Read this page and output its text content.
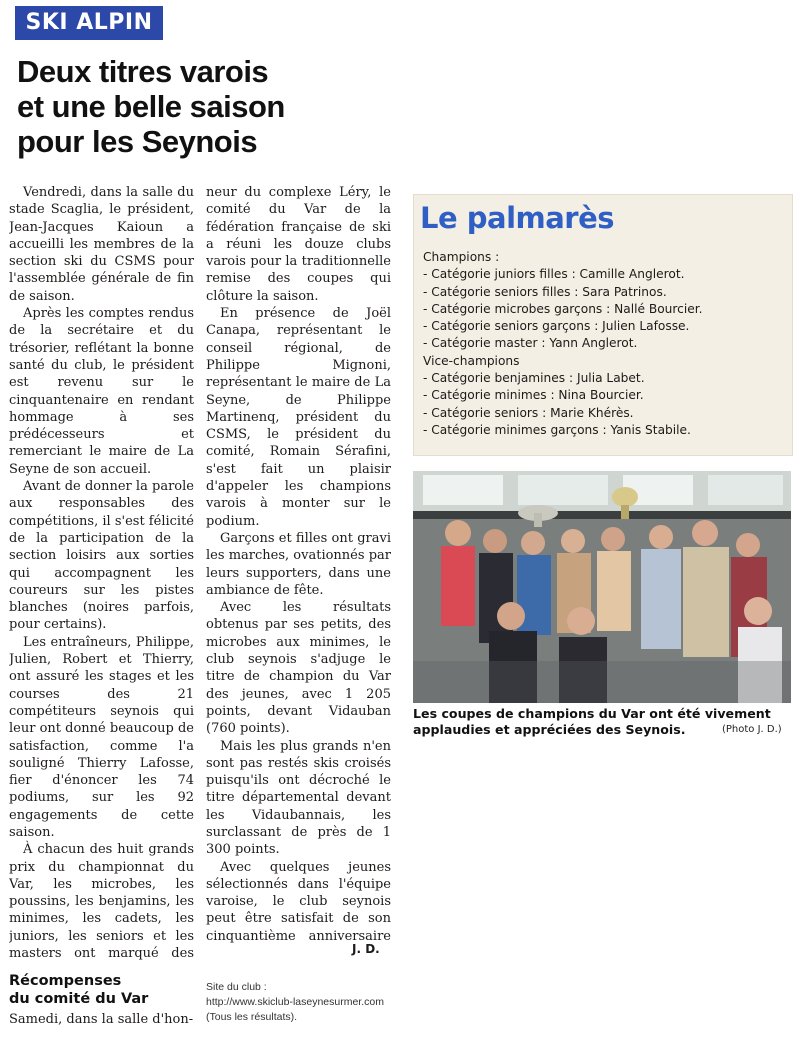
SKI ALPIN
Deux titres varois
et une belle saison
pour les Seynois

Vendredi, dans la salle du stade Scaglia, le président, Jean-Jacques Kaioun a accueilli les membres de la section ski du CSMS pour l'assemblée générale de fin de saison.

Après les comptes rendus de la secrétaire et du trésorier, reflétant la bonne santé du club, le président est revenu sur le cinquantenaire en rendant hommage à ses prédécesseurs et remerciant le maire de La Seyne de son accueil.

Avant de donner la parole aux responsables des compétitions, il s'est félicité de la participation de la section loisirs aux sorties qui accompagnent les coureurs sur les pistes blanches (noires parfois, pour certains).

Les entraîneurs, Philippe, Julien, Robert et Thierry, ont assuré les stages et les courses des 21 compétiteurs seynois qui leur ont donné beaucoup de satisfaction, comme l'a souligné Thierry Lafosse, fier d'énoncer les 74 podiums, sur les 92 engagements de cette saison.

À chacun des huit grands prix du championnat du Var, les microbes, les poussins, les benjamins, les minimes, les cadets, les juniors, les seniors et les masters ont marqué des

Récompenses
du comité du Var
Samedi, dans la salle d'hon-

neur du complexe Léry, le comité du Var de la fédération française de ski a réuni les douze clubs varois pour la traditionnelle remise des coupes qui clôture la saison.

En présence de Joël Canapa, représentant le conseil régional, de Philippe Mignoni, représentant le maire de La Seyne, de Philippe Martinenq, président du CSMS, le président du comité, Romain Sérafini, s'est fait un plaisir d'appeler les champions varois à monter sur le podium.

Garçons et filles ont gravi les marches, ovationnés par leurs supporters, dans une ambiance de fête.

Avec les résultats obtenus par ses petits, des microbes aux minimes, le club seynois s'adjuge le titre de champion du Var des jeunes, avec 1 205 points, devant Vidauban (760 points).

Mais les plus grands n'en sont pas restés skis croisés puisqu'ils ont décroché le titre départemental devant les Vidaubannais, les surclassant de près de 1 300 points.

Avec quelques jeunes sélectionnés dans l'équipe varoise, le club seynois peut être satisfait de son cinquantième anniversaire

J. D.
Site du club :
http://www.skiclub-laseynesurmer.com
(Tous les résultats).
Le palmarès
Champions :
- Catégorie juniors filles : Camille Anglerot.
- Catégorie seniors filles : Sara Patrinos.
- Catégorie microbes garçons : Nallé Bourcier.
- Catégorie seniors garçons : Julien Lafosse.
- Catégorie master : Yann Anglerot.
Vice-champions
- Catégorie benjamines : Julia Labet.
- Catégorie minimes : Nina Bourcier.
- Catégorie seniors : Marie Khérès.
- Catégorie minimes garçons : Yanis Stabile.
Les coupes de champions du Var ont été vivement applaudies et appréciées des Seynois.	(Photo J. D.)
